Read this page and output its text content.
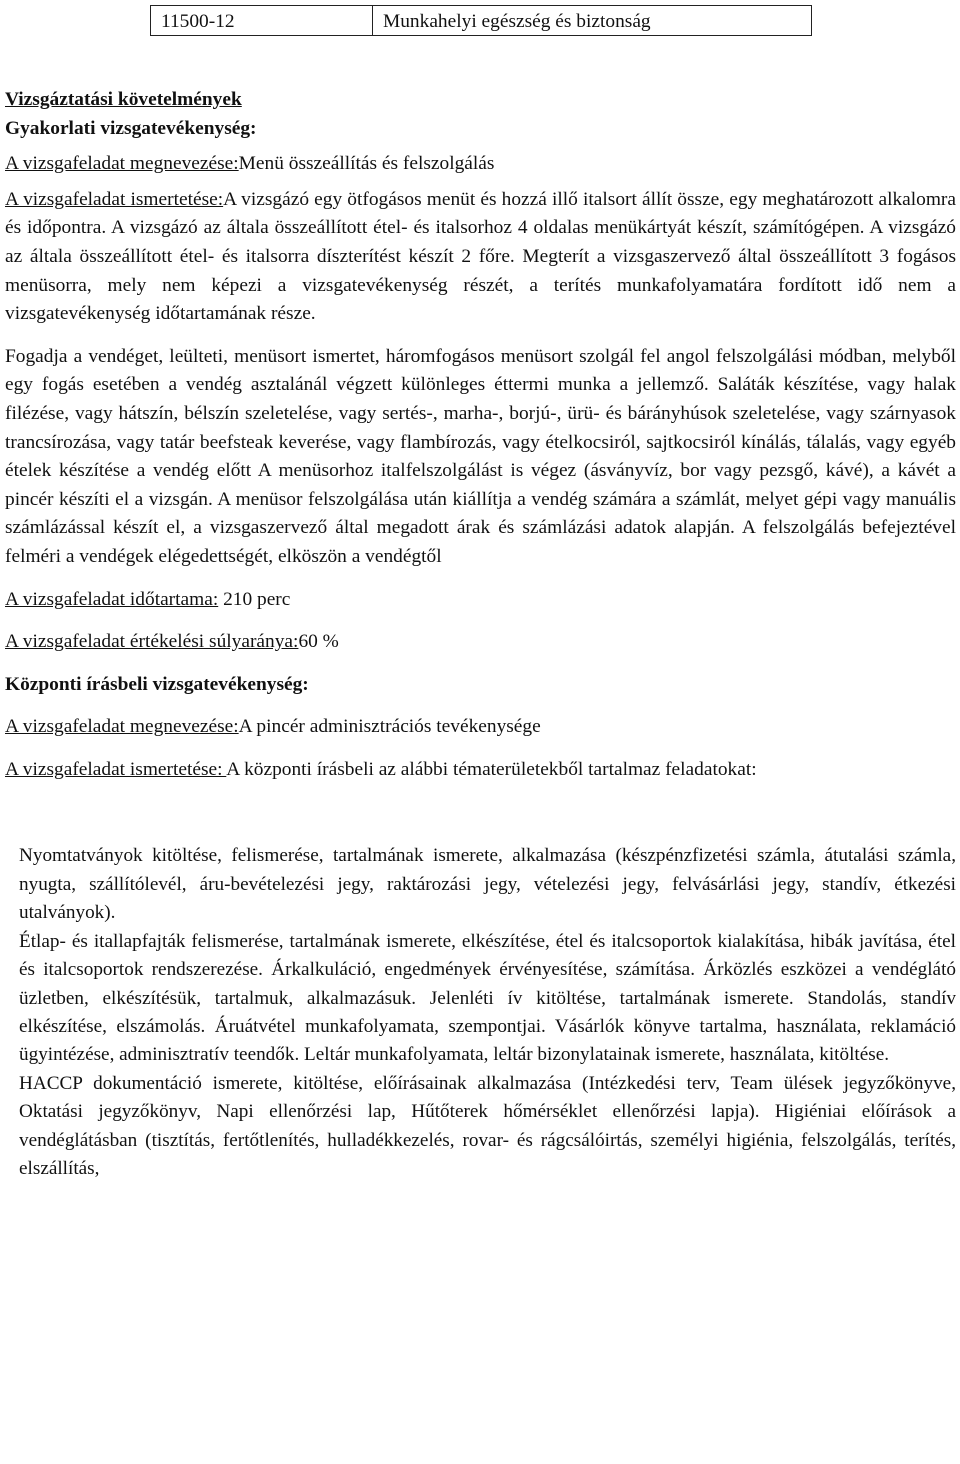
11500-12	Munkahelyi egészség és biztonság

Vizsgáztatási követelmények

Gyakorlati vizsgatevékenység:

A vizsgafeladat megnevezése:Menü összeállítás és felszolgálás

A vizsgafeladat ismertetése:A vizsgázó egy ötfogásos menüt és hozzá illő italsort állít össze, egy meghatározott alkalomra és időpontra. A vizsgázó az általa összeállított étel- és italsorhoz 4 oldalas menükártyát készít, számítógépen. A vizsgázó az általa összeállított étel- és italsorra díszterítést készít 2 főre. Megterít a vizsgaszervező által összeállított 3 fogásos menüsorra, mely nem képezi a vizsgatevékenység részét, a terítés munkafolyamatára fordított idő nem a vizsgatevékenység időtartamának része.

Fogadja a vendéget, leülteti, menüsort ismertet, háromfogásos menüsort szolgál fel angol felszolgálási módban, melyből egy fogás esetében a vendég asztalánál végzett különleges éttermi munka a jellemző. Saláták készítése, vagy halak filézése, vagy hátszín, bélszín szeletelése, vagy sertés-, marha-, borjú-, ürü- és bárányhúsok szeletelése, vagy szárnyasok trancsírozása, vagy tatár beefsteak keverése, vagy flambírozás, vagy ételkocsiról, sajtkocsiról kínálás, tálalás, vagy egyéb ételek készítése a vendég előtt A menüsorhoz italfelszolgálást is végez (ásványvíz, bor vagy pezsgő, kávé), a kávét a pincér készíti el a vizsgán. A menüsor felszolgálása után kiállítja a vendég számára a számlát, melyet gépi vagy manuális számlázással készít el, a vizsgaszervező által megadott árak és számlázási adatok alapján. A felszolgálás befejeztével felméri a vendégek elégedettségét, elköszön a vendégtől

A vizsgafeladat időtartama: 210 perc

A vizsgafeladat értékelési súlyaránya:60 %

Központi írásbeli vizsgatevékenység:

A vizsgafeladat megnevezése:A pincér adminisztrációs tevékenysége

A vizsgafeladat ismertetése: A központi írásbeli az alábbi tématerületekből tartalmaz feladatokat:

Nyomtatványok kitöltése, felismerése, tartalmának ismerete, alkalmazása (készpénzfizetési számla, átutalási számla, nyugta, szállítólevél, áru-bevételezési jegy, raktározási jegy, vételezési jegy, felvásárlási jegy, standív, étkezési utalványok).

Étlap- és itallapfajták felismerése, tartalmának ismerete, elkészítése, étel és italcsoportok kialakítása, hibák javítása, étel és italcsoportok rendszerezése. Árkalkuláció, engedmények érvényesítése, számítása. Árközlés eszközei a vendéglátó üzletben, elkészítésük, tartalmuk, alkalmazásuk. Jelenléti ív kitöltése, tartalmának ismerete. Standolás, standív elkészítése, elszámolás. Áruátvétel munkafolyamata, szempontjai. Vásárlók könyve tartalma, használata, reklamáció ügyintézése, adminisztratív teendők. Leltár munkafolyamata, leltár bizonylatainak ismerete, használata, kitöltése.

HACCP dokumentáció ismerete, kitöltése, előírásainak alkalmazása (Intézkedési terv, Team ülések jegyzőkönyve, Oktatási jegyzőkönyv, Napi ellenőrzési lap, Hűtőterek hőmérséklet ellenőrzési lapja). Higiéniai előírások a vendéglátásban (tisztítás, fertőtlenítés, hulladékkezelés, rovar- és rágcsálóirtás, személyi higiénia, felszolgálás, terítés, elszállítás,
